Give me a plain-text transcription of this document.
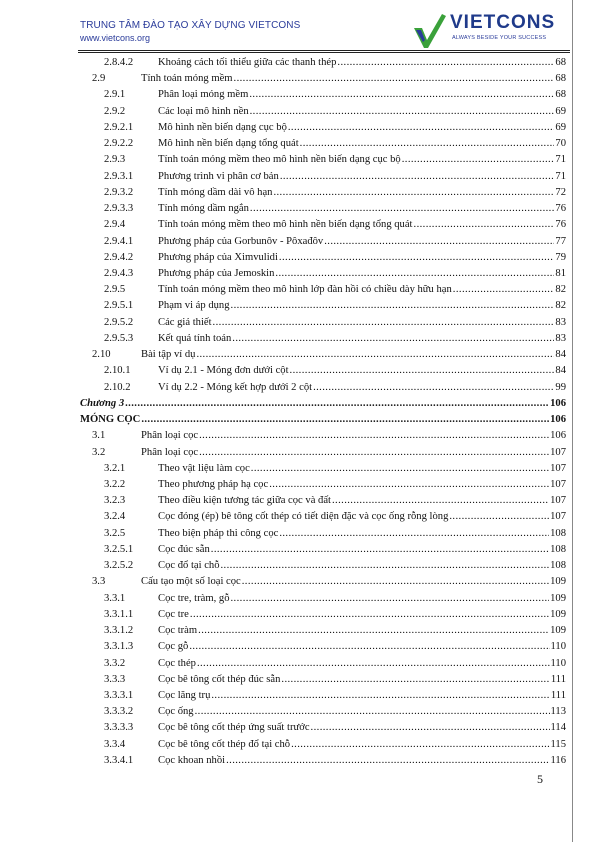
TRUNG TÂM ĐÀO TẠO XÂY DỰNG VIETCONS
www.vietcons.org
VIETCONS
ALWAYS BESIDE YOUR SUCCESS
2.8.4.2 Khoảng cách tối thiểu giữa các thanh thép .....	68
2.9	Tính toán móng mềm .....	68
2.9.1	Phân loại móng mềm .....	68
2.9.2	Các loại mô hình nền .....	69
2.9.2.1 Mô hình nền biến dạng cục bộ .....	69
2.9.2.2 Mô hình nền biến dạng tổng quát .....	70
2.9.3	Tính toán móng mềm theo mô hình nền biến dạng cục bộ .....	71
2.9.3.1 Phương trình vi phân cơ bản .....	71
2.9.3.2 Tính móng dầm dài vô hạn .....	72
2.9.3.3 Tính móng dầm ngắn .....	76
2.9.4	Tính toán móng mềm theo mô hình nền biến dạng tổng quát .....	76
2.9.4.1 Phương pháp của Gorbunôv - Pôxađôv .....	77
2.9.4.2 Phương pháp của Ximvulidi .....	79
2.9.4.3 Phương pháp của Jemoskin .....	81
2.9.5	Tính toán móng mềm theo mô hình lớp đàn hồi có chiều dày hữu hạn .....	82
2.9.5.1 Phạm vi áp dụng .....	82
2.9.5.2 Các giả thiết .....	83
2.9.5.3 Kết quả tính toán .....	83
2.10	Bài tập ví dụ .....	84
2.10.1	Ví dụ 2.1 - Móng đơn dưới cột .....	84
2.10.2	Ví dụ 2.2 - Móng kết hợp dưới 2 cột .....	99
Chương 3 .....	106
MÓNG CỌC .....	106
3.1	Phân loại cọc .....	106
3.2	Phân loại cọc .....	107
3.2.1	Theo vật liệu làm cọc .....	107
3.2.2	Theo phương pháp hạ cọc .....	107
3.2.3	Theo điều kiện tương tác giữa cọc và đất .....	107
3.2.4	Cọc đóng (ép) bê tông cốt thép có tiết diện đặc và cọc ống rỗng lòng .....	107
3.2.5	Theo biện pháp thi công cọc .....	108
3.2.5.1 Cọc đúc sẵn .....	108
3.2.5.2 Cọc đổ tại chỗ .....	108
3.3	Cấu tạo một số loại cọc .....	109
3.3.1	Cọc tre, tràm, gỗ .....	109
3.3.1.1 Cọc tre .....	109
3.3.1.2 Cọc tràm .....	109
3.3.1.3 Cọc gỗ .....	110
3.3.2	Cọc thép .....	110
3.3.3	Cọc bê tông cốt thép đúc sẵn .....	111
3.3.3.1 Cọc lăng trụ .....	111
3.3.3.2 Cọc ống .....	113
3.3.3.3 Cọc bê tông cốt thép ứng suất trước .....	114
3.3.4	Cọc bê tông cốt thép đổ tại chỗ .....	115
3.3.4.1 Cọc khoan nhồi .....	116
5
